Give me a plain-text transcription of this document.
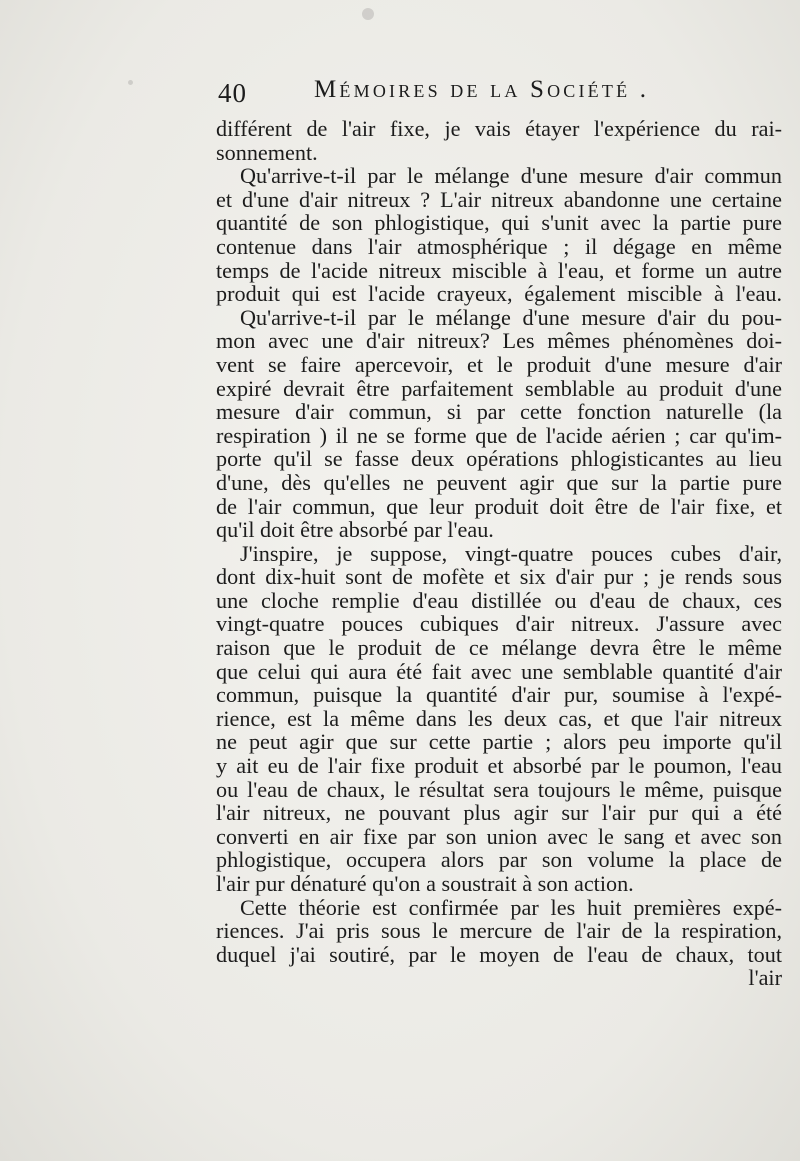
40	Mémoires de la Société .
différent de l'air fixe, je vais étayer l'expérience du rai-
sonnement.
Qu'arrive-t-il par le mélange d'une mesure d'air commun
et d'une d'air nitreux ? L'air nitreux abandonne une certaine
quantité de son phlogistique, qui s'unit avec la partie pure
contenue dans l'air atmosphérique ; il dégage en même
temps de l'acide nitreux miscible à l'eau, et forme un autre
produit qui est l'acide crayeux, également miscible à l'eau.
Qu'arrive-t-il par le mélange d'une mesure d'air du pou-
mon avec une d'air nitreux? Les mêmes phénomènes doi-
vent se faire apercevoir, et le produit d'une mesure d'air
expiré devrait être parfaitement semblable au produit d'une
mesure d'air commun, si par cette fonction naturelle (la
respiration ) il ne se forme que de l'acide aérien ; car qu'im-
porte qu'il se fasse deux opérations phlogisticantes au lieu
d'une, dès qu'elles ne peuvent agir que sur la partie pure
de l'air commun, que leur produit doit être de l'air fixe, et
qu'il doit être absorbé par l'eau.
J'inspire, je suppose, vingt-quatre pouces cubes d'air,
dont dix-huit sont de mofète et six d'air pur ; je rends sous
une cloche remplie d'eau distillée ou d'eau de chaux, ces
vingt-quatre pouces cubiques d'air nitreux. J'assure avec
raison que le produit de ce mélange devra être le même
que celui qui aura été fait avec une semblable quantité d'air
commun, puisque la quantité d'air pur, soumise à l'expé-
rience, est la même dans les deux cas, et que l'air nitreux
ne peut agir que sur cette partie ; alors peu importe qu'il
y ait eu de l'air fixe produit et absorbé par le poumon, l'eau
ou l'eau de chaux, le résultat sera toujours le même, puisque
l'air nitreux, ne pouvant plus agir sur l'air pur qui a été
converti en air fixe par son union avec le sang et avec son
phlogistique, occupera alors par son volume la place de
l'air pur dénaturé qu'on a soustrait à son action.
Cette théorie est confirmée par les huit premières expé-
riences. J'ai pris sous le mercure de l'air de la respiration,
duquel j'ai soutiré, par le moyen de l'eau de chaux, tout
l'air
